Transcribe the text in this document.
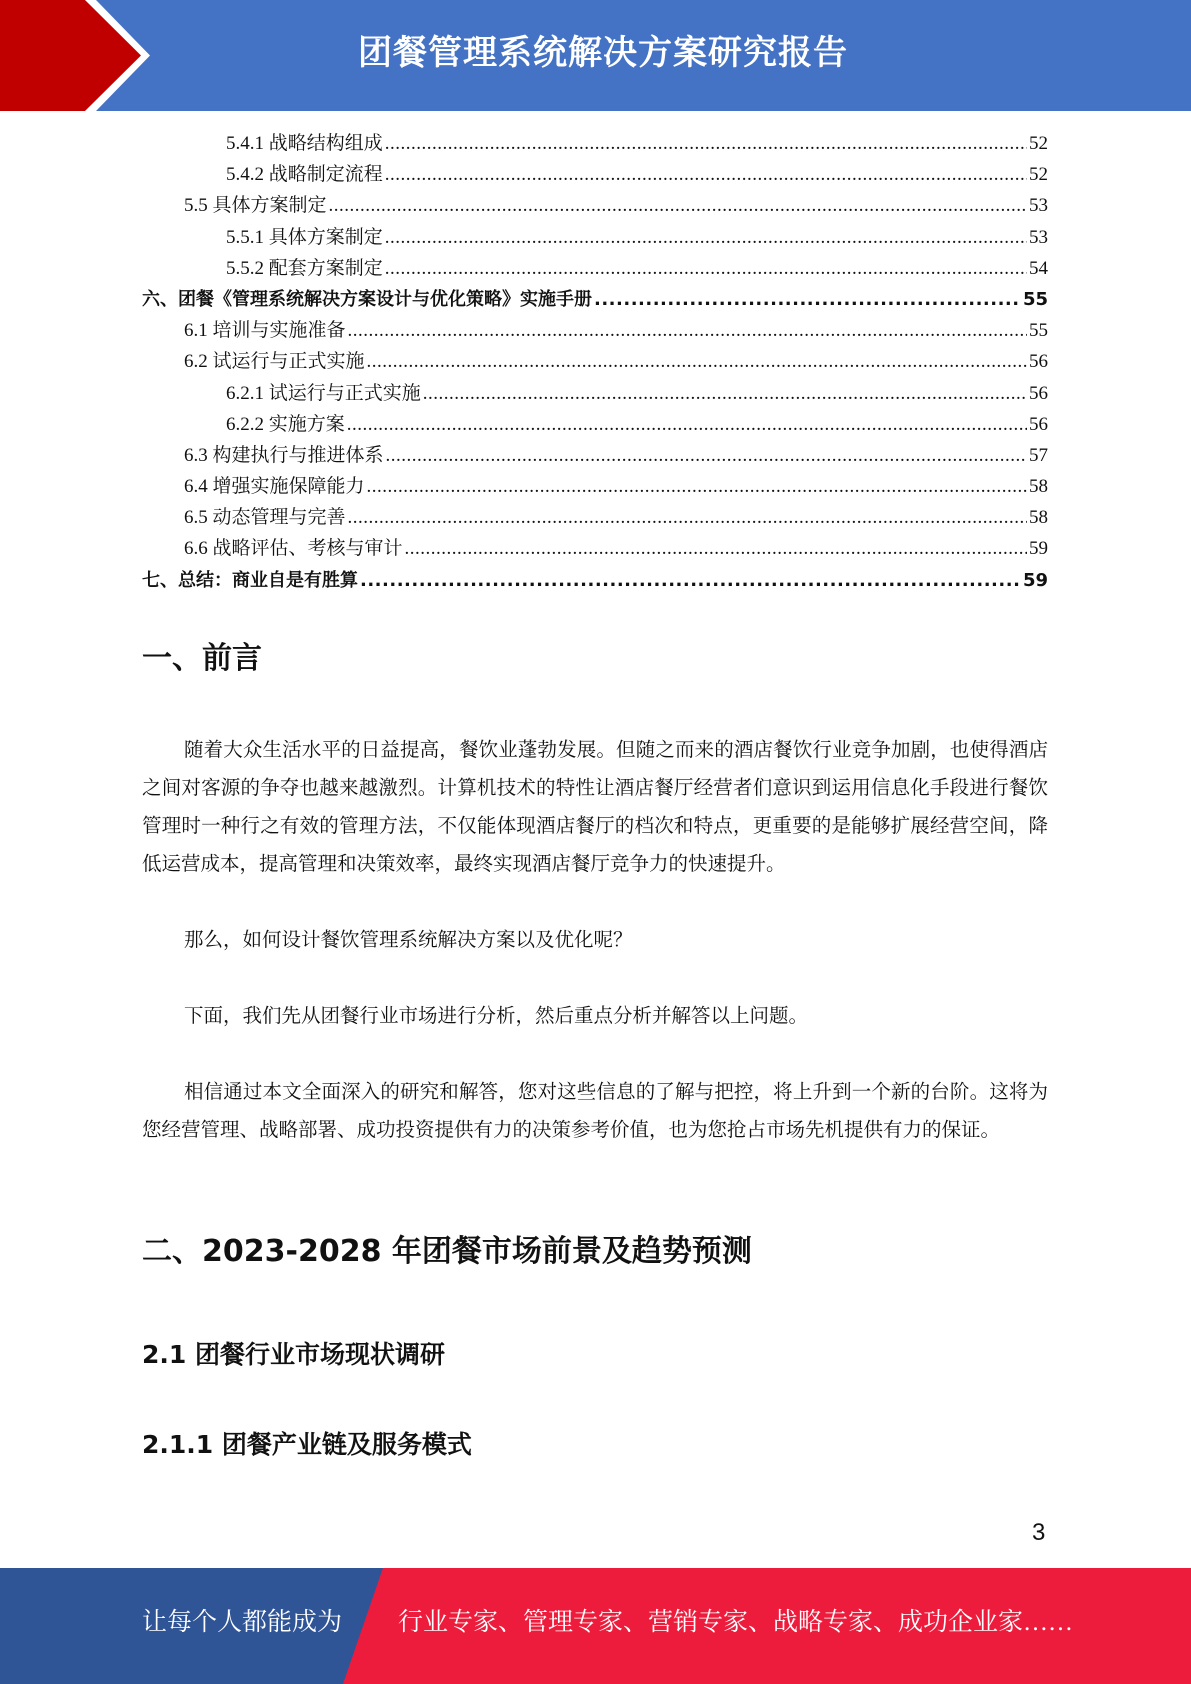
团餐管理系统解决方案研究报告
5.4.1 战略结构组成 .....	52
5.4.2 战略制定流程 .....	52
5.5 具体方案制定 .....	53
5.5.1 具体方案制定 .....	53
5.5.2 配套方案制定 .....	54
六、团餐《管理系统解决方案设计与优化策略》实施手册 .....	55
6.1 培训与实施准备 .....	55
6.2 试运行与正式实施 .....	56
6.2.1 试运行与正式实施 .....	56
6.2.2 实施方案 .....	56
6.3 构建执行与推进体系 .....	57
6.4 增强实施保障能力 .....	58
6.5 动态管理与完善 .....	58
6.6 战略评估、考核与审计 .....	59
七、总结：商业自是有胜算 .....	59
一、前言
随着大众生活水平的日益提高，餐饮业蓬勃发展。但随之而来的酒店餐饮行业竞争加剧，也使得酒店之间对客源的争夺也越来越激烈。计算机技术的特性让酒店餐厅经营者们意识到运用信息化手段进行餐饮管理时一种行之有效的管理方法，不仅能体现酒店餐厅的档次和特点，更重要的是能够扩展经营空间，降低运营成本，提高管理和决策效率，最终实现酒店餐厅竞争力的快速提升。
那么，如何设计餐饮管理系统解决方案以及优化呢？
下面，我们先从团餐行业市场进行分析，然后重点分析并解答以上问题。
相信通过本文全面深入的研究和解答，您对这些信息的了解与把控，将上升到一个新的台阶。这将为您经营管理、战略部署、成功投资提供有力的决策参考价值，也为您抢占市场先机提供有力的保证。
二、2023-2028 年团餐市场前景及趋势预测
2.1 团餐行业市场现状调研
2.1.1 团餐产业链及服务模式
3
让每个人都能成为 行业专家、管理专家、营销专家、战略专家、成功企业家……
